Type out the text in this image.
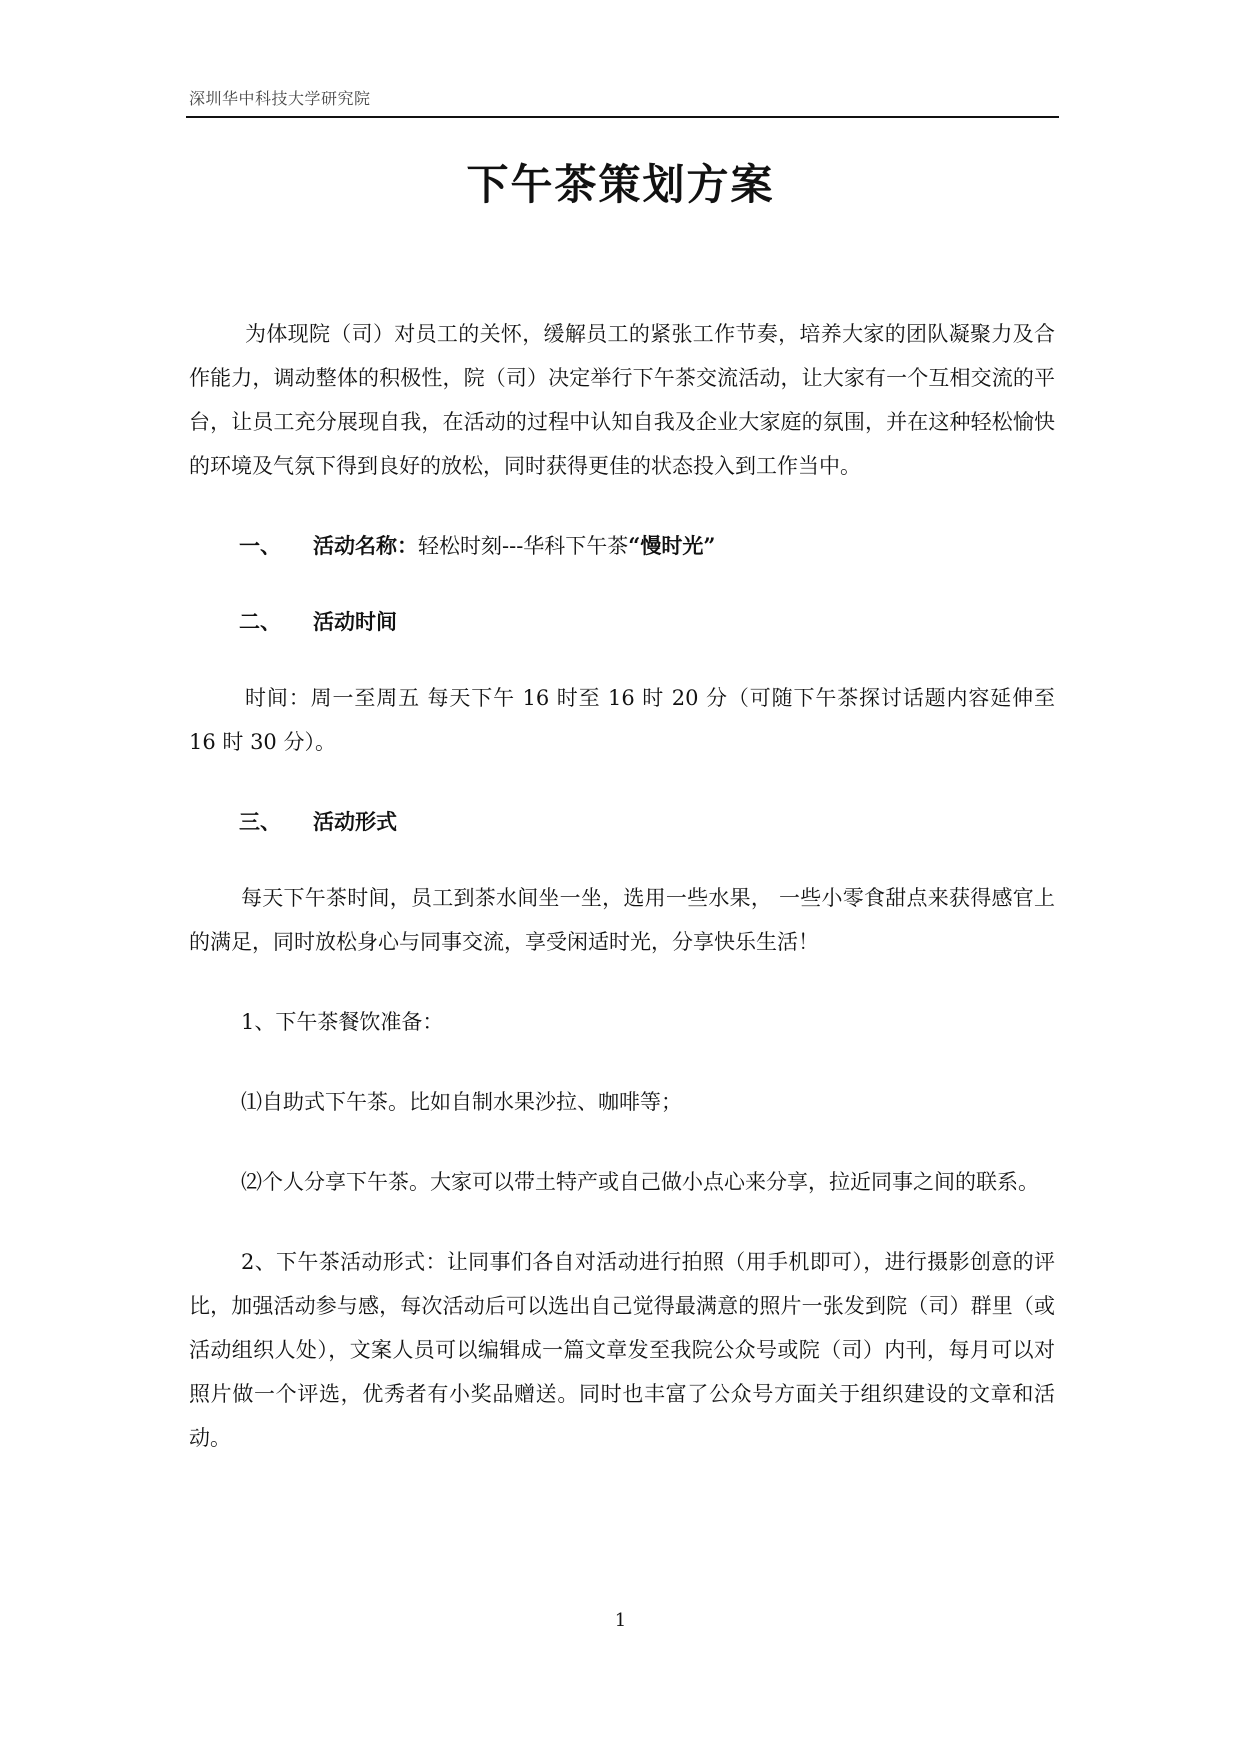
深圳华中科技大学研究院
下午茶策划方案

为体现院（司）对员工的关怀，缓解员工的紧张工作节奏，培养大家的团队凝聚力及合作能力，调动整体的积极性，院（司）决定举行下午茶交流活动，让大家有一个互相交流的平台，让员工充分展现自我，在活动的过程中认知自我及企业大家庭的氛围，并在这种轻松愉快的环境及气氛下得到良好的放松，同时获得更佳的状态投入到工作当中。

一、	活动名称： 轻松时刻---华科下午茶 “慢时光”
二、	活动时间

时间：周一至周五 每天下午 16 时至 16 时 20 分（可随下午茶探讨话题内容延伸至 16 时 30 分）。

三、	活动形式

每天下午茶时间，员工到茶水间坐一坐，选用一些水果， 一些小零食甜点来获得感官上的满足，同时放松身心与同事交流，享受闲适时光，分享快乐生活！

1、下午茶餐饮准备：

⑴自助式下午茶。比如自制水果沙拉、咖啡等；

⑵个人分享下午茶。大家可以带土特产或自己做小点心来分享，拉近同事之间的联系。

2、下午茶活动形式：让同事们各自对活动进行拍照（用手机即可），进行摄影创意的评比，加强活动参与感，每次活动后可以选出自己觉得最满意的照片一张发到院（司）群里（或活动组织人处），文案人员可以编辑成一篇文章发至我院公众号或院（司）内刊，每月可以对照片做一个评选，优秀者有小奖品赠送。同时也丰富了公众号方面关于组织建设的文章和活动。

1
